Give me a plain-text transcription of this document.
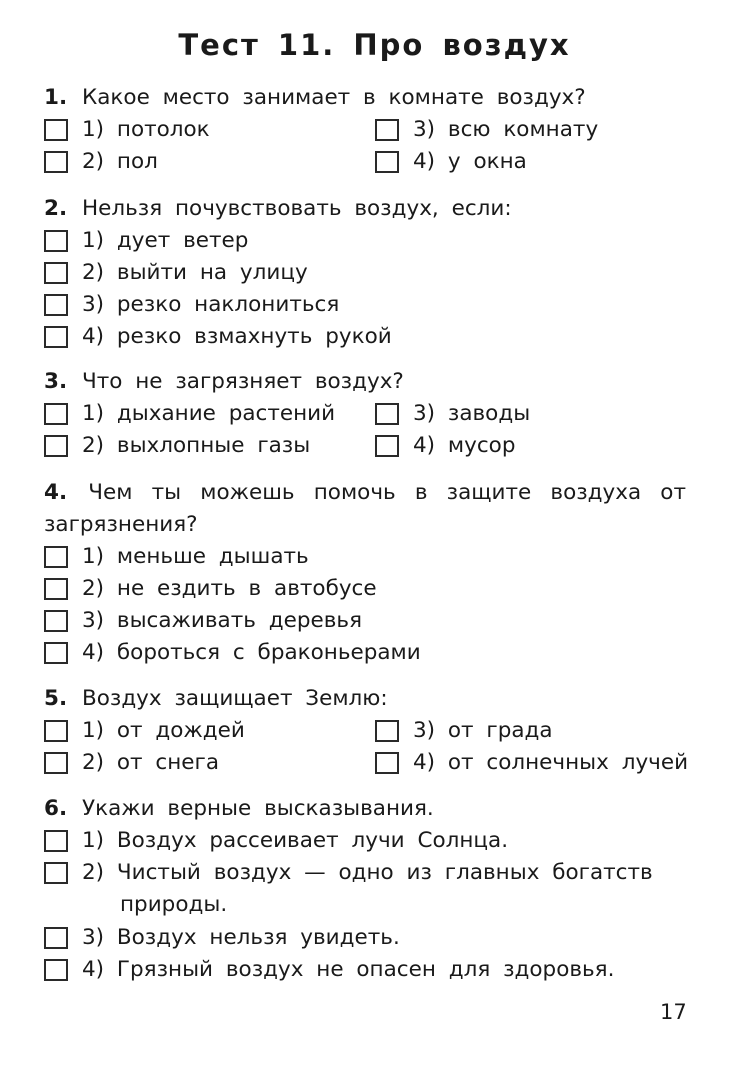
Тест 11. Про воздух
1. Какое место занимает в комнате воздух?
1) потолок	3) всю комнату
2) пол	4) у окна
2. Нельзя почувствовать воздух, если:
1) дует ветер
2) выйти на улицу
3) резко наклониться
4) резко взмахнуть рукой
3. Что не загрязняет воздух?
1) дыхание растений	3) заводы
2) выхлопные газы	4) мусор
4. Чем ты можешь помочь в защите воздуха от загрязнения?
1) меньше дышать
2) не ездить в автобусе
3) высаживать деревья
4) бороться с браконьерами
5. Воздух защищает Землю:
1) от дождей	3) от града
2) от снега	4) от солнечных лучей
6. Укажи верные высказывания.
1) Воздух рассеивает лучи Солнца.
2) Чистый воздух — одно из главных богатств
природы.
3) Воздух нельзя увидеть.
4) Грязный воздух не опасен для здоровья.
17
